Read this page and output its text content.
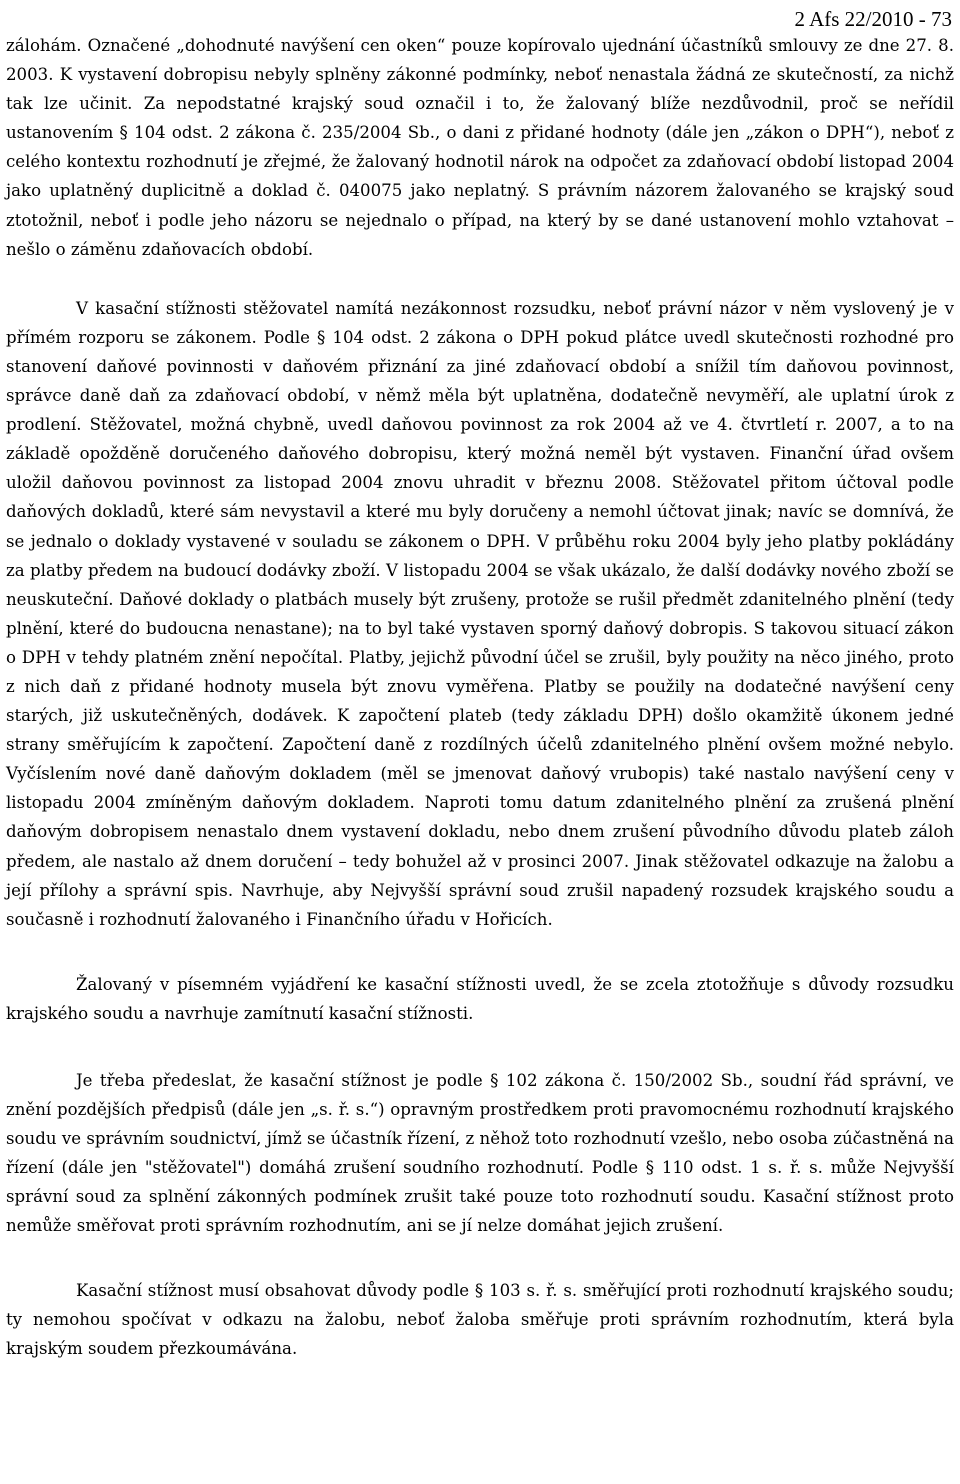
2 Afs 22/2010 - 73

zálohám. Označené „dohodnuté navýšení cen oken“ pouze kopírovalo ujednání účastníků smlouvy ze dne 27. 8. 2003. K vystavení dobropisu nebyly splněny zákonné podmínky, neboť nenastala žádná ze skutečností, za nichž tak lze učinit. Za nepodstatné krajský soud označil i to, že žalovaný blíže nezdůvodnil, proč se neřídil ustanovením § 104 odst. 2 zákona č. 235/2004 Sb., o dani z přidané hodnoty (dále jen „zákon o DPH“), neboť z celého kontextu rozhodnutí je zřejmé, že žalovaný hodnotil nárok na odpočet za zdaňovací období listopad 2004 jako uplatněný duplicitně a doklad č. 040075 jako neplatný. S právním názorem žalovaného se krajský soud ztotožnil, neboť i podle jeho názoru se nejednalo o případ, na který by se dané ustanovení mohlo vztahovat – nešlo o záměnu zdaňovacích období.

V kasační stížnosti stěžovatel namítá nezákonnost rozsudku, neboť právní názor v něm vyslovený je v přímém rozporu se zákonem. Podle § 104 odst. 2 zákona o DPH pokud plátce uvedl skutečnosti rozhodné pro stanovení daňové povinnosti v daňovém přiznání za jiné zdaňovací období a snížil tím daňovou povinnost, správce daně daň za zdaňovací období, v němž měla být uplatněna, dodatečně nevyměří, ale uplatní úrok z prodlení. Stěžovatel, možná chybně, uvedl daňovou povinnost za rok 2004 až ve 4. čtvrtletí r. 2007, a to na základě opožděně doručeného daňového dobropisu, který možná neměl být vystaven. Finanční úřad ovšem uložil daňovou povinnost za listopad 2004 znovu uhradit v březnu 2008. Stěžovatel přitom účtoval podle daňových dokladů, které sám nevystavil a které mu byly doručeny a nemohl účtovat jinak; navíc se domnívá, že se jednalo o doklady vystavené v souladu se zákonem o DPH. V průběhu roku 2004 byly jeho platby pokládány za platby předem na budoucí dodávky zboží. V listopadu 2004 se však ukázalo, že další dodávky nového zboží se neuskuteční. Daňové doklady o platbách musely být zrušeny, protože se rušil předmět zdanitelného plnění (tedy plnění, které do budoucna nenastane); na to byl také vystaven sporný daňový dobropis. S takovou situací zákon o DPH v tehdy platném znění nepočítal. Platby, jejichž původní účel se zrušil, byly použity na něco jiného, proto z nich daň z přidané hodnoty musela být znovu vyměřena. Platby se použily na dodatečné navýšení ceny starých, již uskutečněných, dodávek. K započtení plateb (tedy základu DPH) došlo okamžitě úkonem jedné strany směřujícím k započtení. Započtení daně z rozdílných účelů zdanitelného plnění ovšem možné nebylo. Vyčíslením nové daně daňovým dokladem (měl se jmenovat daňový vrubopis) také nastalo navýšení ceny v listopadu 2004 zmíněným daňovým dokladem. Naproti tomu datum zdanitelného plnění za zrušená plnění daňovým dobropisem nenastalo dnem vystavení dokladu, nebo dnem zrušení původního důvodu plateb záloh předem, ale nastalo až dnem doručení – tedy bohužel až v prosinci 2007. Jinak stěžovatel odkazuje na žalobu a její přílohy a správní spis. Navrhuje, aby Nejvyšší správní soud zrušil napadený rozsudek krajského soudu a současně i rozhodnutí žalovaného i Finančního úřadu v Hořicích.

Žalovaný v písemném vyjádření ke kasační stížnosti uvedl, že se zcela ztotožňuje s důvody rozsudku krajského soudu a navrhuje zamítnutí kasační stížnosti.

Je třeba předeslat, že kasační stížnost je podle § 102 zákona č. 150/2002 Sb., soudní řád správní, ve znění pozdějších předpisů (dále jen „s. ř. s.“) opravným prostředkem proti pravomocnému rozhodnutí krajského soudu ve správním soudnictví, jímž se účastník řízení, z něhož toto rozhodnutí vzešlo, nebo osoba zúčastněná na řízení (dále jen "stěžovatel") domáhá zrušení soudního rozhodnutí. Podle § 110 odst. 1 s. ř. s. může Nejvyšší správní soud za splnění zákonných podmínek zrušit také pouze toto rozhodnutí soudu. Kasační stížnost proto nemůže směřovat proti správním rozhodnutím, ani se jí nelze domáhat jejich zrušení.

Kasační stížnost musí obsahovat důvody podle § 103 s. ř. s. směřující proti rozhodnutí krajského soudu; ty nemohou spočívat v odkazu na žalobu, neboť žaloba směřuje proti správním rozhodnutím, která byla krajským soudem přezkoumávána.
